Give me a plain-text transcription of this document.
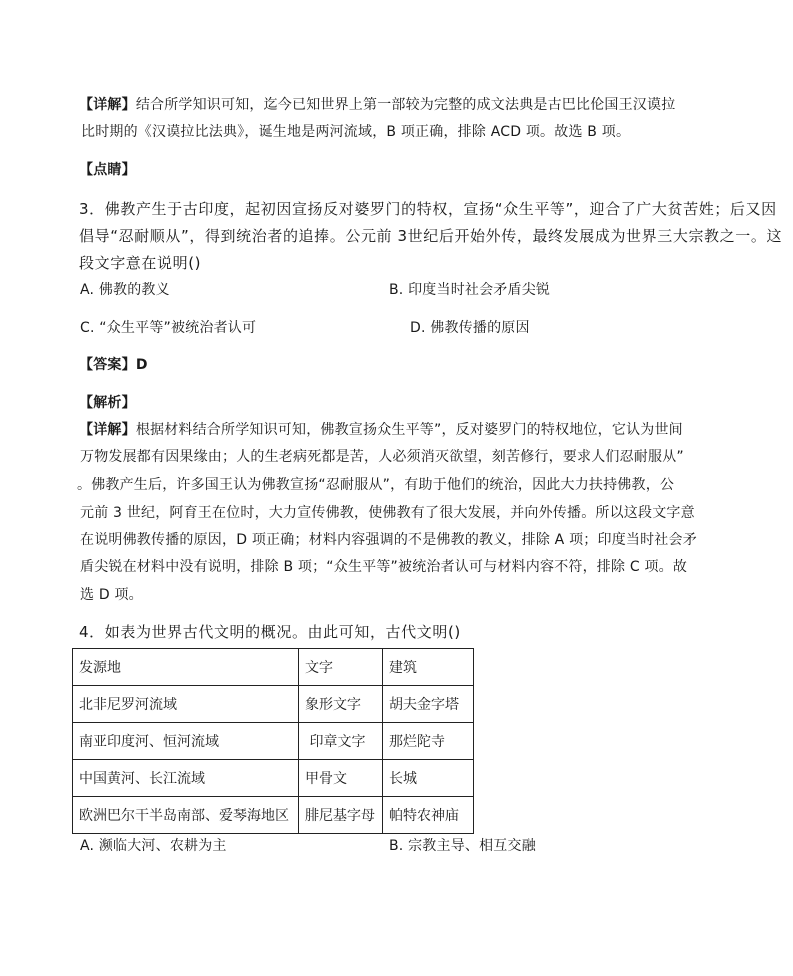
【详解】结合所学知识可知，迄今已知世界上第一部较为完整的成文法典是古巴比伦国王汉谟拉
比时期的《汉谟拉比法典》，诞生地是两河流域，B 项正确，排除 ACD 项。故选 B 项。
【点睛】
3．佛教产生于古印度，起初因宣扬反对婆罗门的特权，宣扬“众生平等”，迎合了广大贫苦姓；后又因
倡导“忍耐顺从”，得到统治者的追捧。公元前 3世纪后开始外传，最终发展成为世界三大宗教之一。这
段文字意在说明()
A. 佛教的教义	B. 印度当时社会矛盾尖锐
C. “众生平等”被统治者认可	D. 佛教传播的原因
【答案】D
【解析】
【详解】根据材料结合所学知识可知，佛教宣扬众生平等”，反对婆罗门的特权地位，它认为世间
万物发展都有因果缘由；人的生老病死都是苦，人必须消灭欲望，刻苦修行，要求人们忍耐服从”
。佛教产生后，许多国王认为佛教宣扬“忍耐服从”，有助于他们的统治，因此大力扶持佛教，公
元前 3 世纪，阿育王在位时，大力宣传佛教，使佛教有了很大发展，并向外传播。所以这段文字意
在说明佛教传播的原因，D 项正确；材料内容强调的不是佛教的教义，排除 A 项；印度当时社会矛
盾尖锐在材料中没有说明，排除 B 项；“众生平等”被统治者认可与材料内容不符，排除 C 项。故
选 D 项。
4．如表为世界古代文明的概况。由此可知，古代文明()
发源地	文字	建筑
北非尼罗河流域	象形文字	胡夫金字塔
南亚印度河、恒河流域	印章文字	那烂陀寺
中国黄河、长江流域	甲骨文	长城
欧洲巴尔干半岛南部、爱琴海地区	腓尼基字母	帕特农神庙
A. 濒临大河、农耕为主	B. 宗教主导、相互交融
